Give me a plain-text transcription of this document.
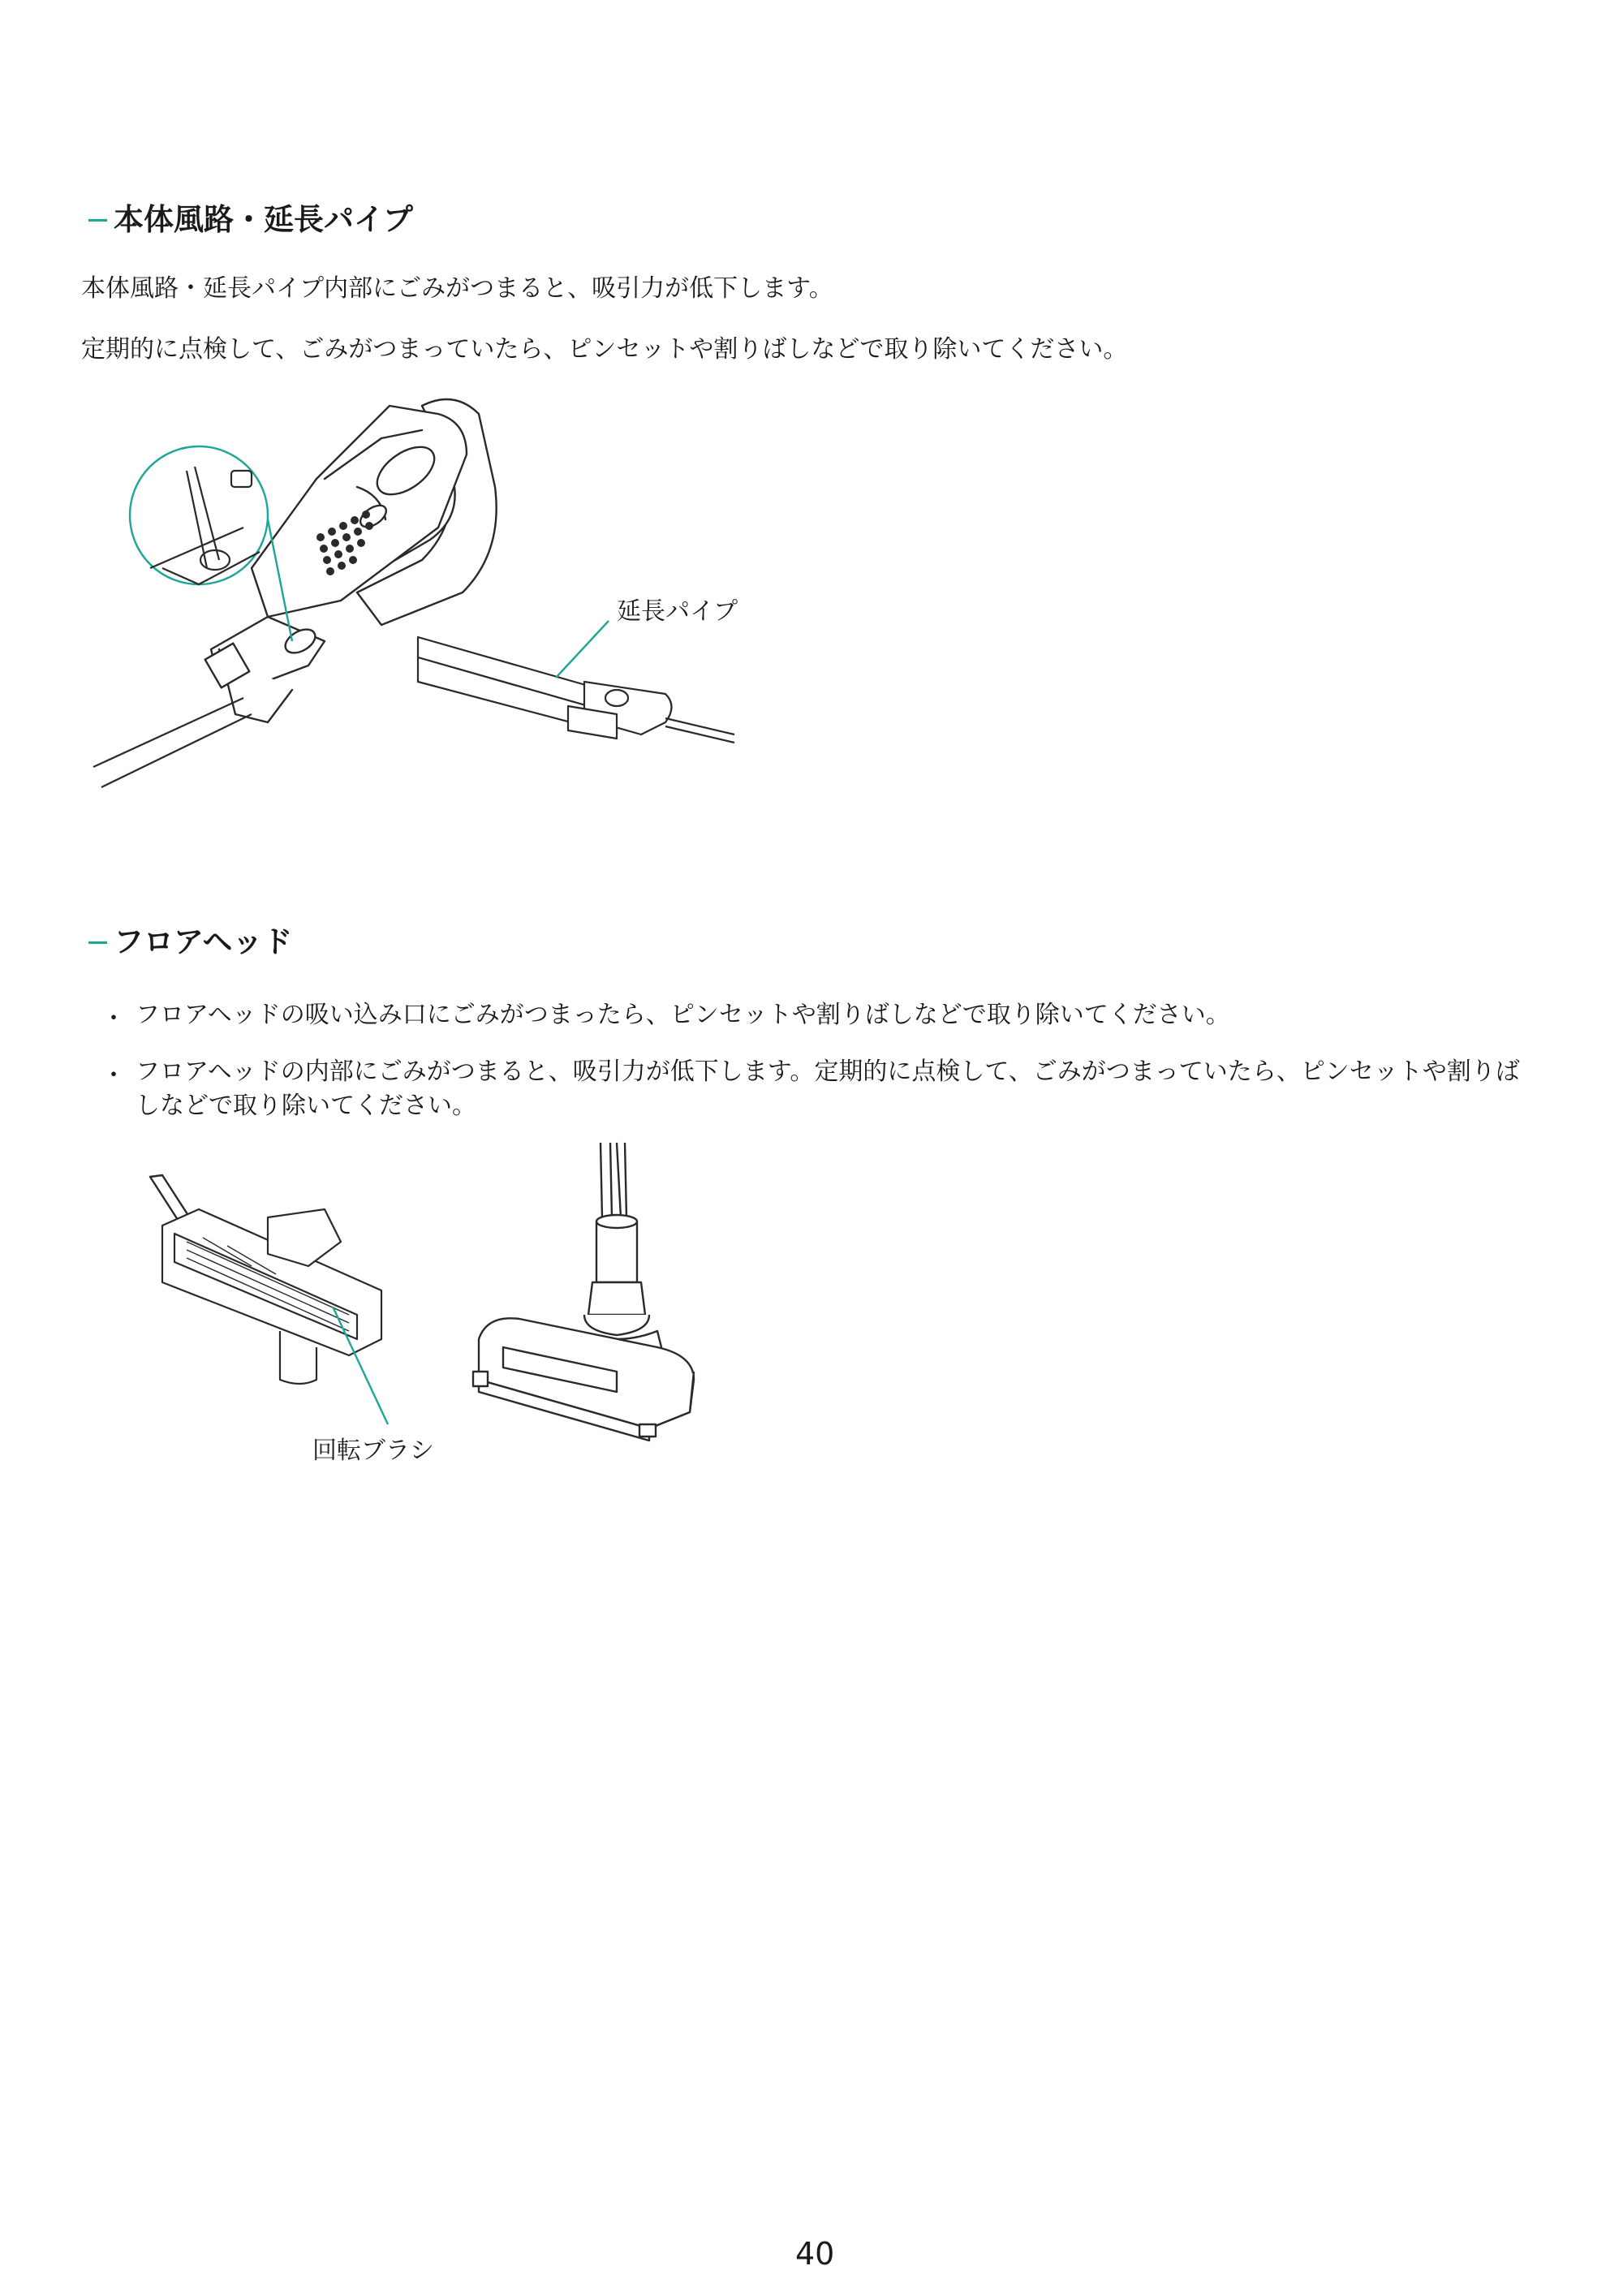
− 本体風路・延長パイプ
本体風路・延長パイプ内部にごみがつまると、吸引力が低下します。
定期的に点検して、ごみがつまっていたら、ピンセットや割りばしなどで取り除いてください。
延長パイプ
− フロアヘッド
・ フロアヘッドの吸い込み口にごみがつまったら、ピンセットや割りばしなどで取り除いてください。
・ フロアヘッドの内部にごみがつまると、吸引力が低下します。定期的に点検して、ごみがつまっていたら、ピンセットや割りばしなどで取り除いてください。
回転ブラシ
40
